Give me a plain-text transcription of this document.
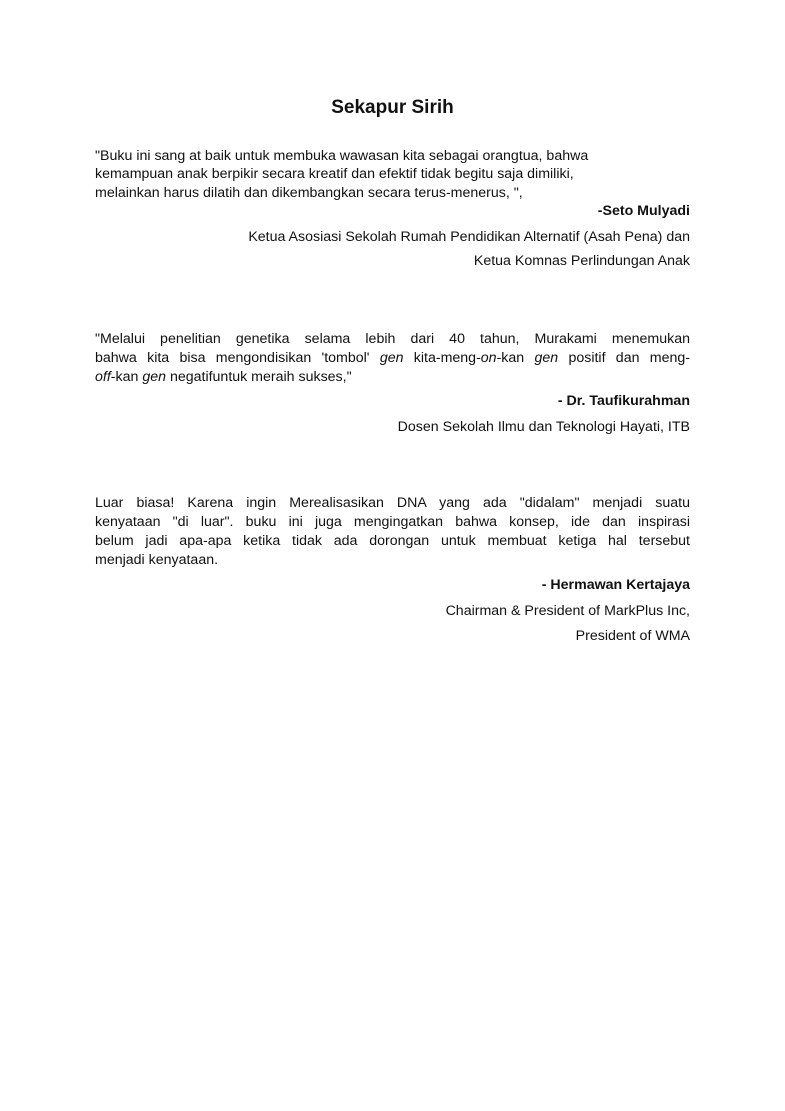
Sekapur Sirih
"Buku ini sang at baik untuk membuka wawasan kita sebagai orangtua, bahwa
kemampuan anak berpikir secara kreatif dan efektif tidak begitu saja dimiliki,
melainkan harus dilatih dan dikembangkan secara terus-menerus, ",
-Seto Mulyadi
Ketua Asosiasi Sekolah Rumah Pendidikan Alternatif (Asah Pena) dan
Ketua Komnas Perlindungan Anak
"Melalui penelitian genetika selama lebih dari 40 tahun, Murakami menemukan
bahwa kita bisa mengondisikan 'tombol' gen kita-meng-on-kan gen positif dan meng-
off-kan gen negatifuntuk meraih sukses,"
- Dr. Taufikurahman
Dosen Sekolah Ilmu dan Teknologi Hayati, ITB
Luar biasa! Karena ingin Merealisasikan DNA yang ada "didalam" menjadi suatu
kenyataan "di luar". buku ini juga mengingatkan bahwa konsep, ide dan inspirasi
belum jadi apa-apa ketika tidak ada dorongan untuk membuat ketiga hal tersebut
menjadi kenyataan.
- Hermawan Kertajaya
Chairman & President of MarkPlus Inc,
President of WMA
